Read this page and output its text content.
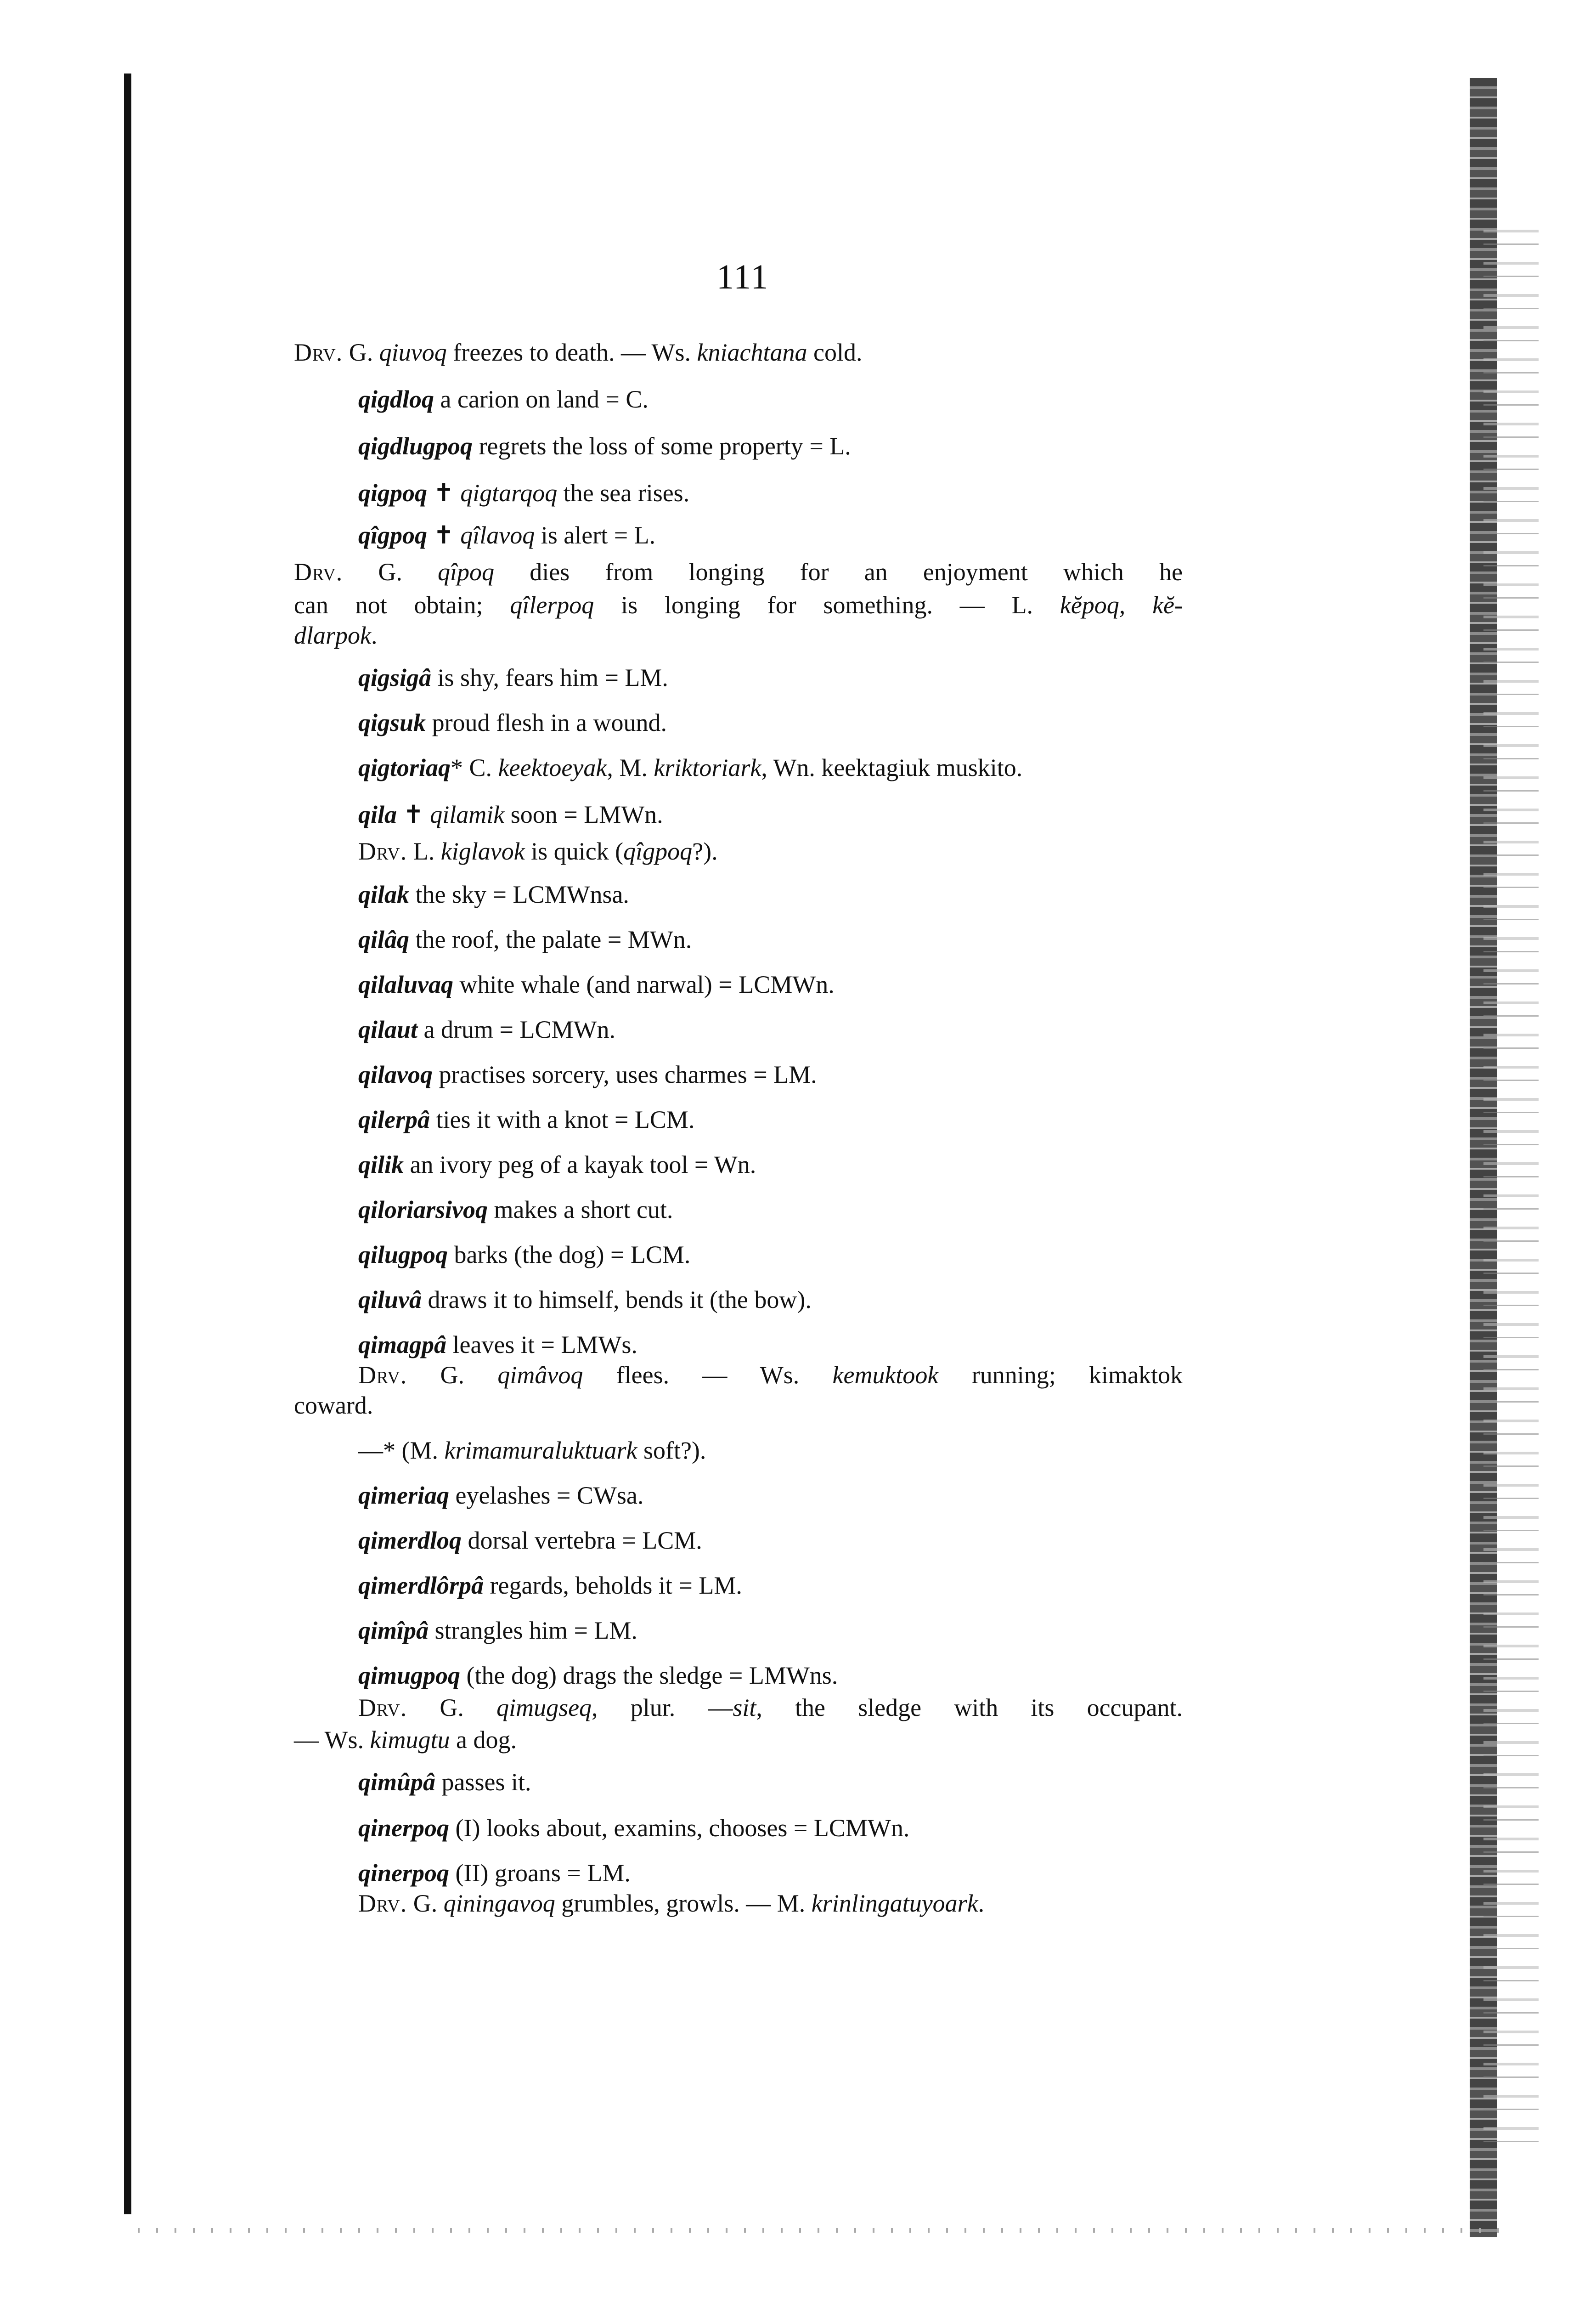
111
Drv. G. qiuvoq freezes to death. — Ws. kniachtana cold.
qigdloq a carion on land = C.
qigdlugpoq regrets the loss of some property = L.
qigpoq ✝ qigtarqoq the sea rises.
qîgpoq ✝ qîlavoq is alert = L.
Drv. G. qîpoq dies from longing for an enjoyment which he
can not obtain; qîlerpoq is longing for something. — L. kĕpoq, kĕ-
dlarpok.
qigsigâ is shy, fears him = LM.
qigsuk proud flesh in a wound.
qigtoriaq* C. keektoeyak, M. kriktoriark, Wn. keektagiuk muskito.
qila ✝ qilamik soon = LMWn.
Drv. L. kiglavok is quick (qîgpoq?).
qilak the sky = LCMWnsa.
qilâq the roof, the palate = MWn.
qilaluvaq white whale (and narwal) = LCMWn.
qilaut a drum = LCMWn.
qilavoq practises sorcery, uses charmes = LM.
qilerpâ ties it with a knot = LCM.
qilik an ivory peg of a kayak tool = Wn.
qiloriarsivoq makes a short cut.
qilugpoq barks (the dog) = LCM.
qiluvâ draws it to himself, bends it (the bow).
qimagpâ leaves it = LMWs.
Drv. G. qimâvoq flees. — Ws. kemuktook running; kimaktok
coward.
—* (M. krimamuraluktuark soft?).
qimeriaq eyelashes = CWsa.
qimerdloq dorsal vertebra = LCM.
qimerdlôrpâ regards, beholds it = LM.
qimîpâ strangles him = LM.
qimugpoq (the dog) drags the sledge = LMWns.
Drv. G. qimugseq, plur. —sit, the sledge with its occupant.
— Ws. kimugtu a dog.
qimûpâ passes it.
qinerpoq (I) looks about, examins, chooses = LCMWn.
qinerpoq (II) groans = LM.
Drv. G. qiningavoq grumbles, growls. — M. krinlingatuyoark.
